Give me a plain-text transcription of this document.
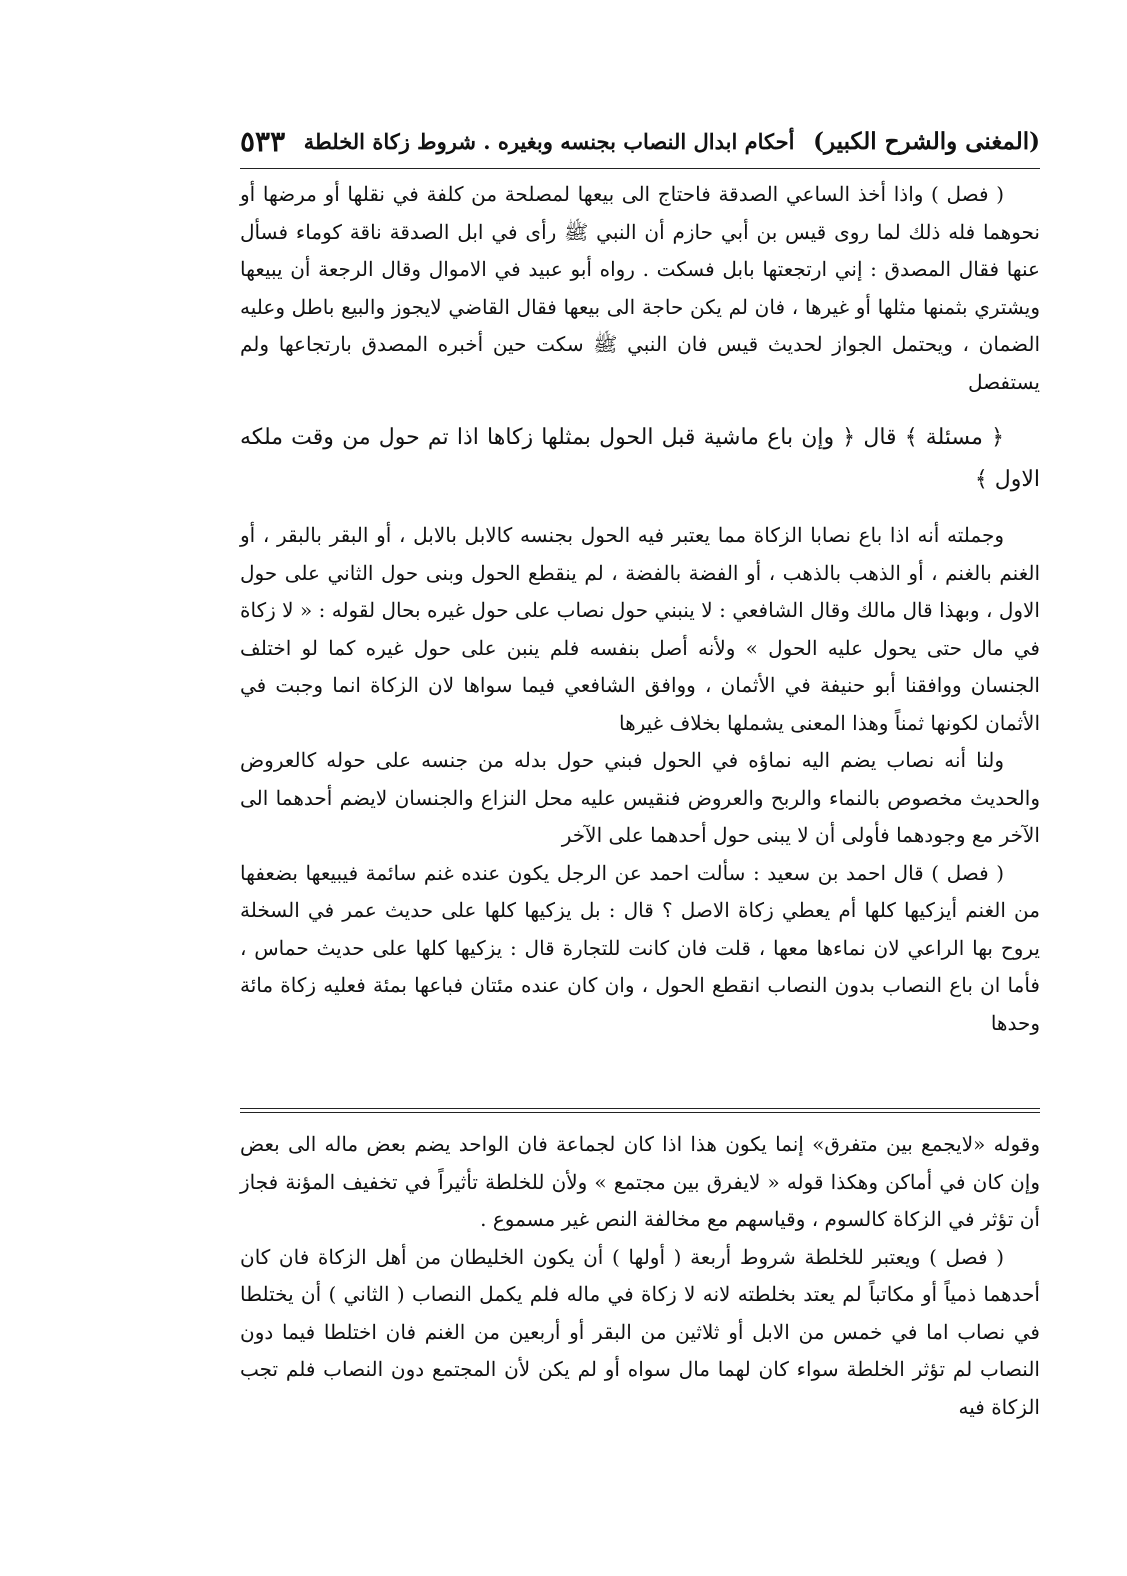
(المغنى والشرح الكبير)
أحكام ابدال النصاب بجنسه وبغيره . شروط زكاة الخلطة
٥٣٣

( فصل ) واذا أخذ الساعي الصدقة فاحتاج الى بيعها لمصلحة من كلفة في نقلها أو مرضها أو نحوهما فله ذلك لما روى قيس بن أبي حازم أن النبي ﷺ رأى في ابل الصدقة ناقة كوماء فسأل عنها فقال المصدق : إني ارتجعتها بابل فسكت . رواه أبو عبيد في الاموال وقال الرجعة أن يبيعها ويشتري بثمنها مثلها أو غيرها ، فان لم يكن حاجة الى بيعها فقال القاضي لايجوز والبيع باطل وعليه الضمان ، ويحتمل الجواز لحديث قيس فان النبي ﷺ سكت حين أخبره المصدق بارتجاعها ولم يستفصل

﴿ مسئلة ﴾ قال ﴿ وإن باع ماشية قبل الحول بمثلها زكاها اذا تم حول من وقت ملكه الاول ﴾

وجملته أنه اذا باع نصابا الزكاة مما يعتبر فيه الحول بجنسه كالابل بالابل ، أو البقر بالبقر ، أو الغنم بالغنم ، أو الذهب بالذهب ، أو الفضة بالفضة ، لم ينقطع الحول وبنى حول الثاني على حول الاول ، وبهذا قال مالك وقال الشافعي : لا ينبني حول نصاب على حول غيره بحال لقوله : « لا زكاة في مال حتى يحول عليه الحول » ولأنه أصل بنفسه فلم ينبن على حول غيره كما لو اختلف الجنسان ووافقنا أبو حنيفة في الأثمان ، ووافق الشافعي فيما سواها لان الزكاة انما وجبت في الأثمان لكونها ثمناً وهذا المعنى يشملها بخلاف غيرها

ولنا أنه نصاب يضم اليه نماؤه في الحول فبني حول بدله من جنسه على حوله كالعروض والحديث مخصوص بالنماء والربح والعروض فنقيس عليه محل النزاع والجنسان لايضم أحدهما الى الآخر مع وجودهما فأولى أن لا يبنى حول أحدهما على الآخر

( فصل ) قال احمد بن سعيد : سألت احمد عن الرجل يكون عنده غنم سائمة فيبيعها بضعفها من الغنم أيزكيها كلها أم يعطي زكاة الاصل ؟ قال : بل يزكيها كلها على حديث عمر في السخلة يروح بها الراعي لان نماءها معها ، قلت فان كانت للتجارة قال : يزكيها كلها على حديث حماس ، فأما ان باع النصاب بدون النصاب انقطع الحول ، وان كان عنده مئتان فباعها بمئة فعليه زكاة مائة وحدها

وقوله «لايجمع بين متفرق» إنما يكون هذا اذا كان لجماعة فان الواحد يضم بعض ماله الى بعض وإن كان في أماكن وهكذا قوله « لايفرق بين مجتمع » ولأن للخلطة تأثيراً في تخفيف المؤنة فجاز أن تؤثر في الزكاة كالسوم ، وقياسهم مع مخالفة النص غير مسموع .

( فصل ) ويعتبر للخلطة شروط أربعة ( أولها ) أن يكون الخليطان من أهل الزكاة فان كان أحدهما ذمياً أو مكاتباً لم يعتد بخلطته لانه لا زكاة في ماله فلم يكمل النصاب ( الثاني ) أن يختلطا في نصاب اما في خمس من الابل أو ثلاثين من البقر أو أربعين من الغنم فان اختلطا فيما دون النصاب لم تؤثر الخلطة سواء كان لهما مال سواه أو لم يكن لأن المجتمع دون النصاب فلم تجب الزكاة فيه
